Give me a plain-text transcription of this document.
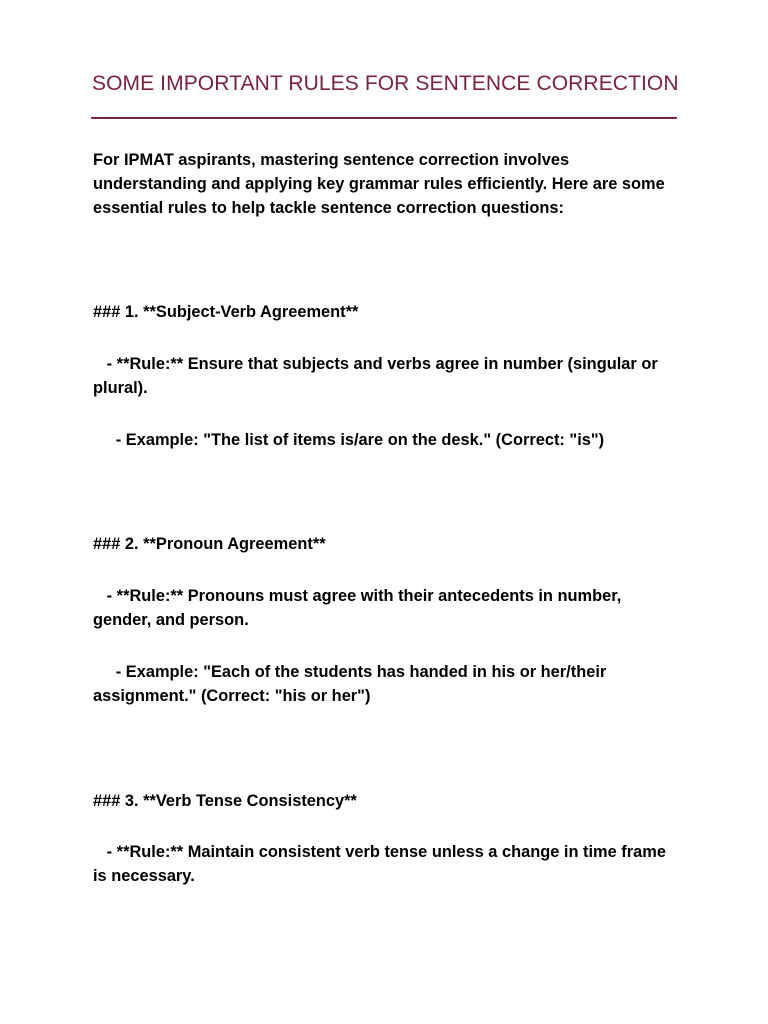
SOME IMPORTANT RULES FOR SENTENCE CORRECTION

For IPMAT aspirants, mastering sentence correction involves understanding and applying key grammar rules efficiently. Here are some essential rules to help tackle sentence correction questions:

### 1. **Subject-Verb Agreement**

- **Rule:** Ensure that subjects and verbs agree in number (singular or plural).

- Example: "The list of items is/are on the desk." (Correct: "is")

### 2. **Pronoun Agreement**

- **Rule:** Pronouns must agree with their antecedents in number, gender, and person.

- Example: "Each of the students has handed in his or her/their assignment." (Correct: "his or her")

### 3. **Verb Tense Consistency**

- **Rule:** Maintain consistent verb tense unless a change in time frame is necessary.
